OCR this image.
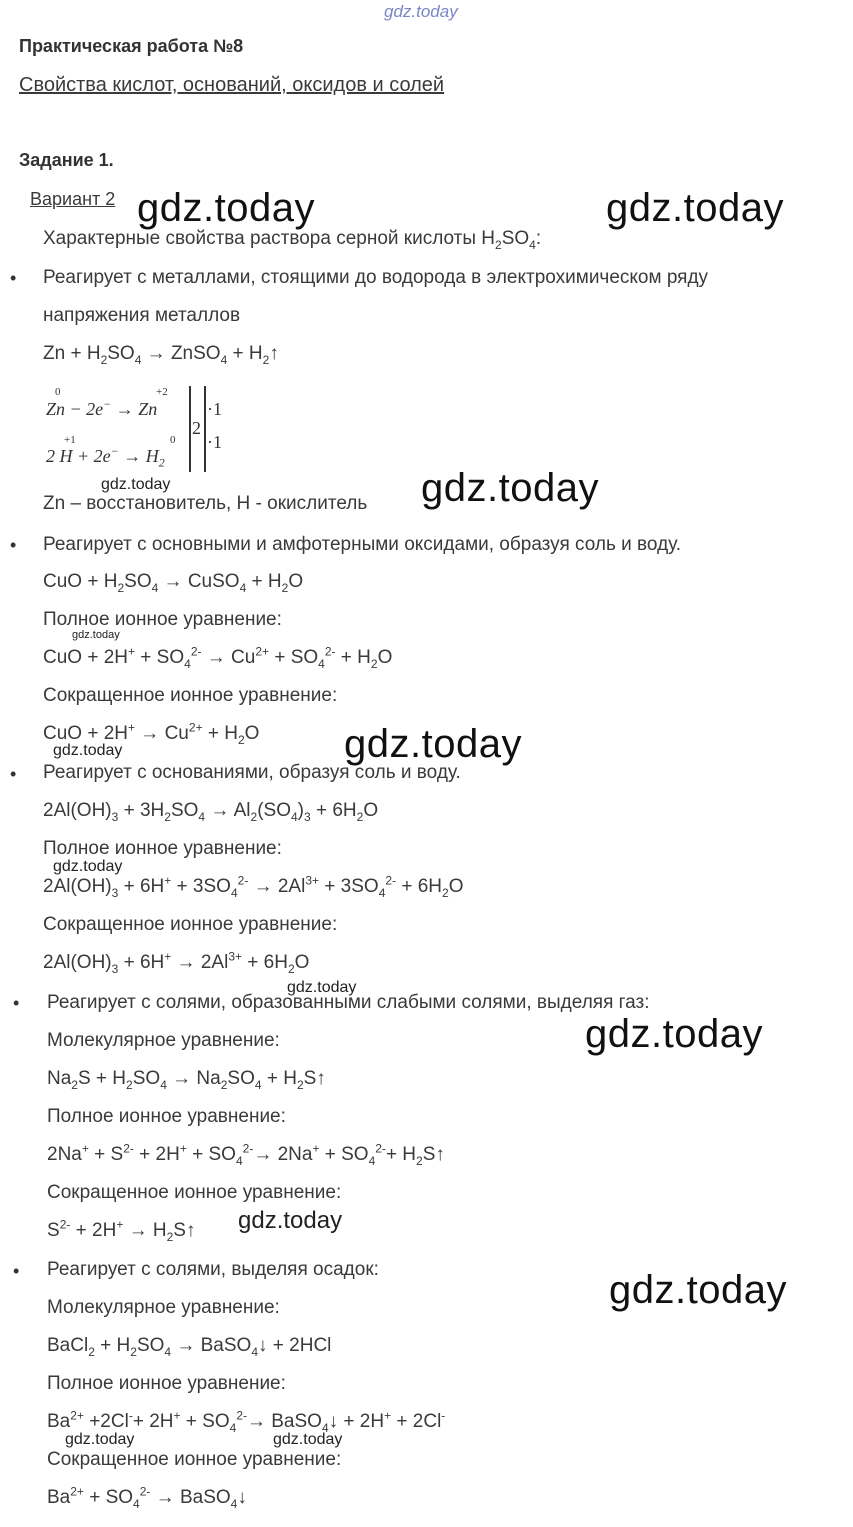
gdz.today
gdz.today	gdz.today
gdz.today	gdz.today
gdz.today
gdz.today
gdz.today
gdz.today
gdz.today
gdz.today
gdz.today
gdz.today
gdz.today	gdz.today
Практическая работа №8
Свойства кислот, оснований, оксидов и солей
Задание 1.
Вариант 2
Характерные свойства раствора серной кислоты $H_2SO_4$:
• Реагирует с металлами, стоящими до водорода в электрохимическом ряду
напряжения металлов
$Zn + H_2SO_4$ → ZnSO$_4$ + $H_2↑$
0	+2
Zn − 2e− → Zn
+1	0
2 $H + 2e^- \to H_2$
2
·1
·1
Zn – восстановитель, H - окислитель
• Реагирует с основными и амфотерными оксидами, образуя соль и воду.
CuO + $H_2SO_4$ → CuSO$_4$ + $H_2O$
Полное ионное уравнение:
CuO + $2H^+ + SO_4^{2-} \to Cu^{2+} + SO_4^{2-} + H_2O$
Сокращенное ионное уравнение:
CuO + $2H^+ \to Cu^{2+} + H_2O$
• Реагирует с основаниями, образуя соль и воду.
$2Al(OH)_3 + 3H_2SO_4 \to Al_2(SO_4)_3 + 6H_2O$
Полное ионное уравнение:
$2Al(OH)_3 + 6H^+ + 3SO_4^{2-} \to 2Al^{3+} + 3SO_4^{2-} + 6H_2O$
Сокращенное ионное уравнение:
$2Al(OH)_3 + 6H^+ \to 2Al^{3+} + 6H_2O$
• Реагирует с солями, образованными слабыми солями, выделяя газ:
Молекулярное уравнение:
$Na_2S + H_2SO_4 \to Na_2SO_4$ + $H_2S↑$
Полное ионное уравнение:
$2Na^+ + S^{2-} + 2H^+ + SO_4^{2-}\to 2Na^+ + SO_4^{2-}+$ $H_2S↑$
Сокращенное ионное уравнение:
$S^{2-} + 2H^+$ → $H_2S↑$
• Реагирует с солями, выделяя осадок:
Молекулярное уравнение:
BaCl$_2$ + $H_2SO_4$ → BaSO$_4$↓ + 2HCl
Полное ионное уравнение:
$Ba^{2+} +2Cl^-+ 2H^+ + SO_4^{2-}\to$ BaSO$_4$↓ + 2H+ + 2Cl-
Сокращенное ионное уравнение:
$Ba^{2+} + SO_4^{2-}$ → BaSO$_4$↓
